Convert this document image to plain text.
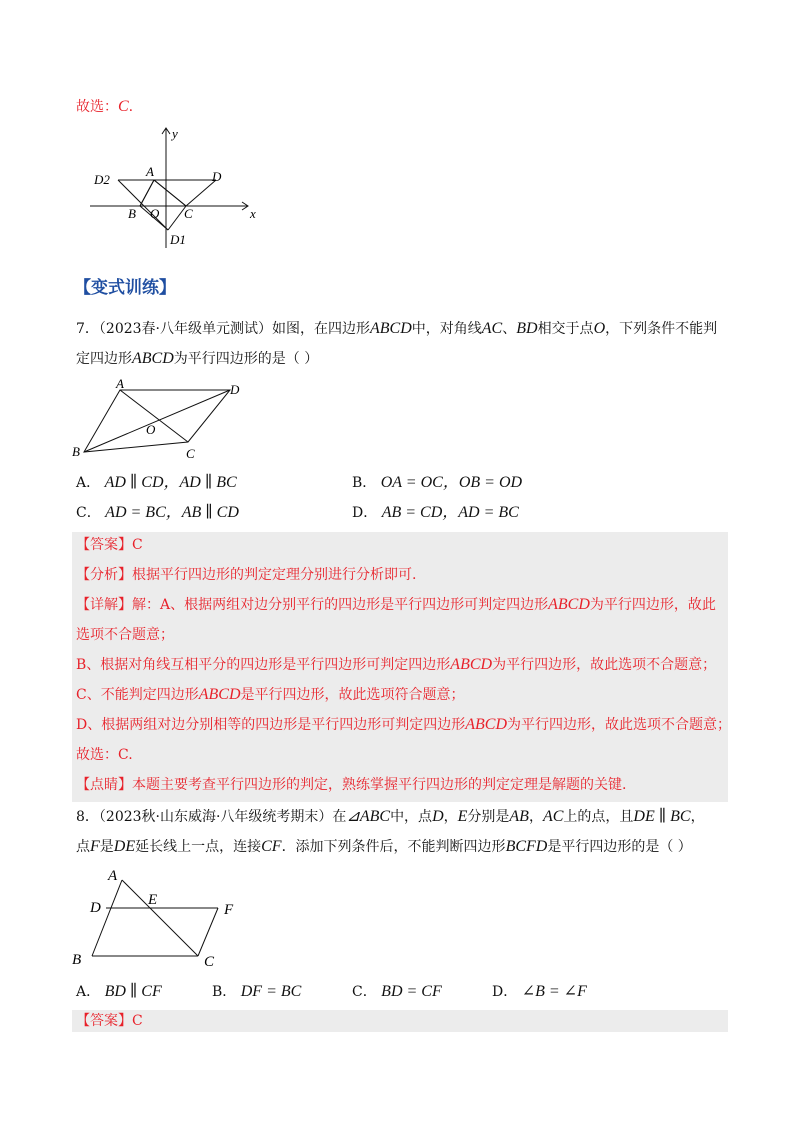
故选：C.
y
A	D
D2
B O C	x
D1
【变式训练】
7．（2023春·八年级单元测试）如图，在四边形ABCD中，对角线AC、BD相交于点O，下列条件不能判
定四边形ABCD为平行四边形的是（ ）
A	D
O
B	C
A． AD ∥ CD，AD ∥ BC	B． OA = OC，OB = OD
C． AD = BC，AB ∥ CD	D． AB = CD，AD = BC
【答案】C
【分析】根据平行四边形的判定定理分别进行分析即可.
【详解】解：A、根据两组对边分别平行的四边形是平行四边形可判定四边形ABCD为平行四边形，故此
选项不合题意；
B、根据对角线互相平分的四边形是平行四边形可判定四边形ABCD为平行四边形，故此选项不合题意；
C、不能判定四边形ABCD是平行四边形，故此选项符合题意；
D、根据两组对边分别相等的四边形是平行四边形可判定四边形ABCD为平行四边形，故此选项不合题意；
故选：C.
【点睛】本题主要考查平行四边形的判定，熟练掌握平行四边形的判定定理是解题的关键.
8．（2023秋·山东威海·八年级统考期末）在⊿ABC中，点D，E分别是AB，AC上的点，且DE ∥ BC，
点F是DE延长线上一点，连接CF．添加下列条件后，不能判断四边形BCFD是平行四边形的是（ ）
A
D	E
F
B	C
A． BD ∥ CF	B． DF = BC	C． BD = CF	D． ∠B = ∠F
【答案】C
